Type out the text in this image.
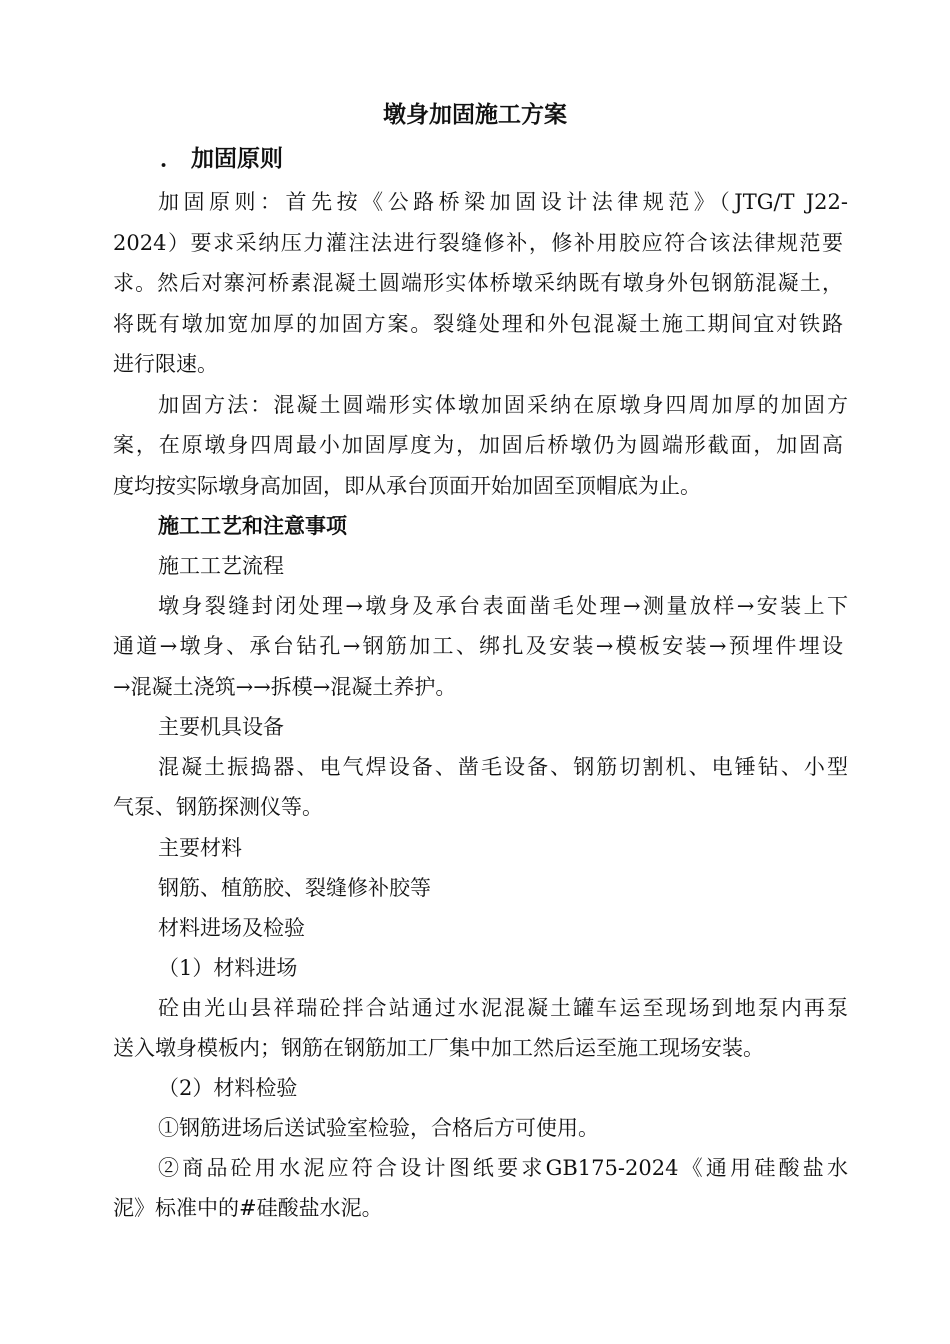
墩身加固施工方案
． 加固原则
加固原则：首先按《公路桥梁加固设计法律规范》（JTG/T J22-
2024）要求采纳压力灌注法进行裂缝修补，修补用胶应符合该法律规范要
求。然后对寨河桥素混凝土圆端形实体桥墩采纳既有墩身外包钢筋混凝土，
将既有墩加宽加厚的加固方案。裂缝处理和外包混凝土施工期间宜对铁路
进行限速。
加固方法：混凝土圆端形实体墩加固采纳在原墩身四周加厚的加固方
案，在原墩身四周最小加固厚度为，加固后桥墩仍为圆端形截面，加固高
度均按实际墩身高加固，即从承台顶面开始加固至顶帽底为止。
施工工艺和注意事项
施工工艺流程
墩身裂缝封闭处理→墩身及承台表面凿毛处理→测量放样→安装上下
通道→墩身、承台钻孔→钢筋加工、绑扎及安装→模板安装→预埋件埋设
→混凝土浇筑→→拆模→混凝土养护。
主要机具设备
混凝土振捣器、电气焊设备、凿毛设备、钢筋切割机、电锤钻、小型
气泵、钢筋探测仪等。
主要材料
钢筋、植筋胶、裂缝修补胶等
材料进场及检验
（1）材料进场
砼由光山县祥瑞砼拌合站通过水泥混凝土罐车运至现场到地泵内再泵
送入墩身模板内；钢筋在钢筋加工厂集中加工然后运至施工现场安装。
（2）材料检验
①钢筋进场后送试验室检验，合格后方可使用。
②商品砼用水泥应符合设计图纸要求GB175-2024《通用硅酸盐水
泥》标准中的#硅酸盐水泥。
